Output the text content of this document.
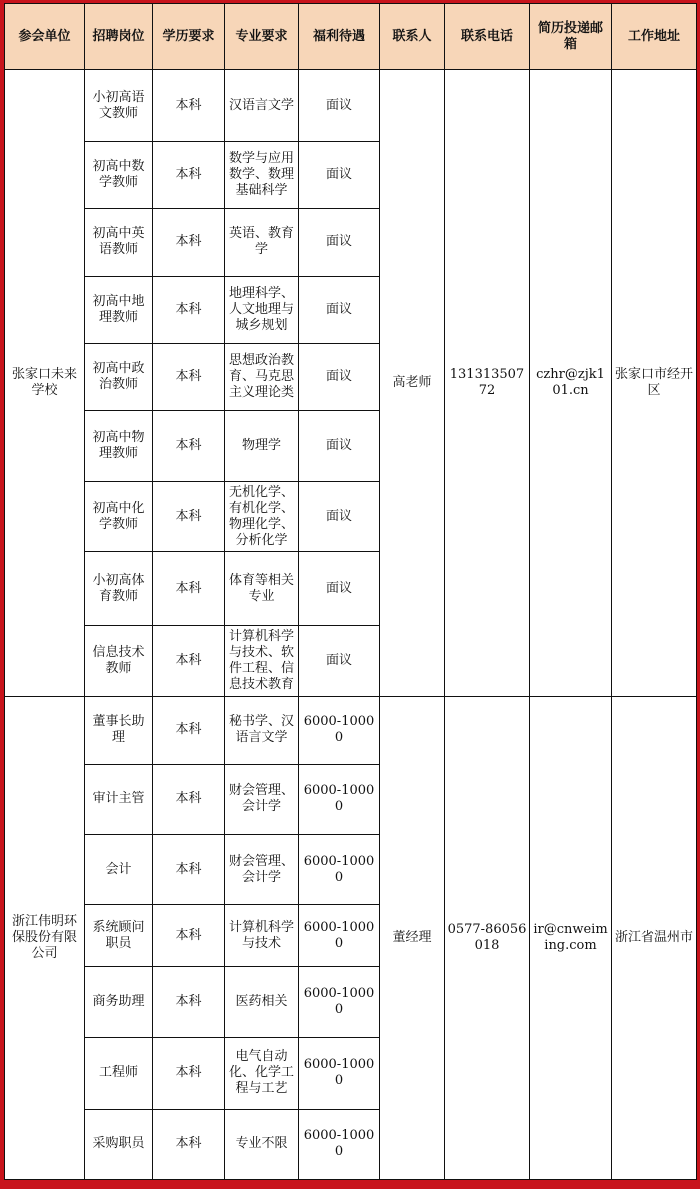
参会单位	招聘岗位	学历要求	专业要求	福利待遇	联系人	联系电话	简历投递邮箱	工作地址
张家口未来学校	小初高语文教师	本科	汉语言文学	面议	高老师	13131350772	czhr@zjk101.cn	张家口市经开区
	初高中数学教师	本科	数学与应用数学、数理基础科学	面议				
	初高中英语教师	本科	英语、教育学	面议				
	初高中地理教师	本科	地理科学、人文地理与城乡规划	面议				
	初高中政治教师	本科	思想政治教育、马克思主义理论类	面议				
	初高中物理教师	本科	物理学	面议				
	初高中化学教师	本科	无机化学、有机化学、物理化学、分析化学	面议				
	小初高体育教师	本科	体育等相关专业	面议				
	信息技术教师	本科	计算机科学与技术、软件工程、信息技术教育	面议				
浙江伟明环保股份有限公司	董事长助理	本科	秘书学、汉语言文学	6000-10000	董经理	0577-86056018	ir@cnweiming.com	浙江省温州市
	审计主管	本科	财会管理、会计学	6000-10000				
	会计	本科	财会管理、会计学	6000-10000				
	系统顾问职员	本科	计算机科学与技术	6000-10000				
	商务助理	本科	医药相关	6000-10000				
	工程师	本科	电气自动化、化学工程与工艺	6000-10000				
	采购职员	本科	专业不限	6000-10000				
